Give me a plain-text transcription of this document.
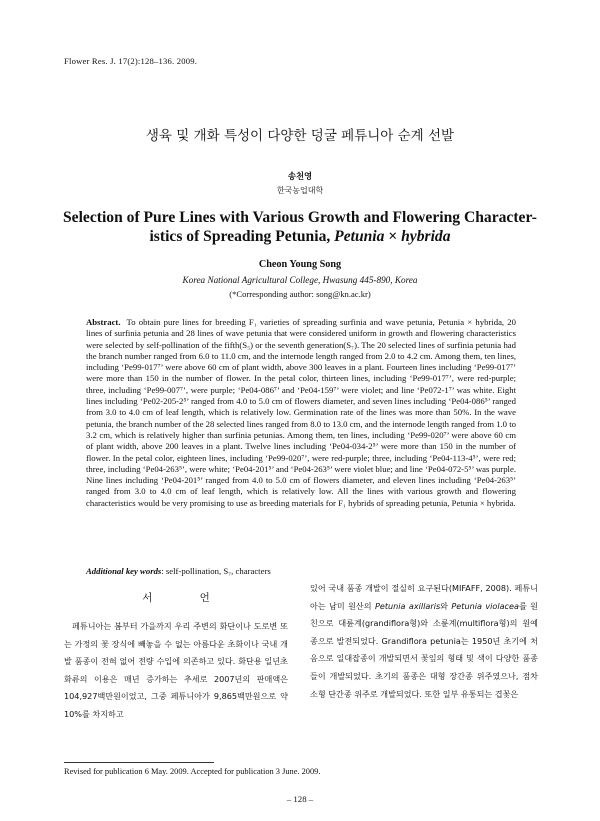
Flower Res. J. 17(2):128–136. 2009.
생육 및 개화 특성이 다양한 덩굴 페튜니아 순계 선발
송천영
한국농업대학
Selection of Pure Lines with Various Growth and Flowering Character-
istics of Spreading Petunia, Petunia × hybrida
Cheon Young Song
Korea National Agricultural College, Hwasung 445-890, Korea
(*Corresponding author: song@kn.ac.kr)
Abstract. To obtain pure lines for breeding F₁ varieties of spreading surfinia and wave petunia, Petunia × hybrida, 20 lines of surfinia petunia and 28 lines of wave petunia that were considered uniform in growth and flowering characteristics were selected by self-pollination of the fifth(S₅) or the seventh generation(S₇). The 20 selected lines of surfinia petunia had the branch number ranged from 6.0 to 11.0 cm, and the internode length ranged from 2.0 to 4.2 cm. Among them, ten lines, including ‘Pe99-017⁷’ were above 60 cm of plant width, above 300 leaves in a plant. Fourteen lines including ‘Pe99-017⁷’ were more than 150 in the number of flower. In the petal color, thirteen lines, including ‘Pe99-017⁷’, were red-purple; three, including ‘Pe99-007⁷’, were purple; ‘Pe04-086⁷’ and ‘Pe04-159⁷’ were violet; and line ‘Pe072-1⁷’ was white. Eight lines including ‘Pe02-205-2⁵’ ranged from 4.0 to 5.0 cm of flowers diameter, and seven lines including ‘Pe04-086⁵’ ranged from 3.0 to 4.0 cm of leaf length, which is relatively low. Germination rate of the lines was more than 50%. In the wave petunia, the branch number of the 28 selected lines ranged from 8.0 to 13.0 cm, and the internode length ranged from 1.0 to 3.2 cm, which is relatively higher than surfinia petunias. Among them, ten lines, including ‘Pe99-020⁷’ were above 60 cm of plant width, above 200 leaves in a plant. Twelve lines including ‘Pe04-034-2⁵’ were more than 150 in the number of flower. In the petal color, eighteen lines, including ‘Pe99-020⁷’, were red-purple; three, including ‘Pe04-113-4⁵’, were red; three, including ‘Pe04-263⁵’, were white; ‘Pe04-201⁵’ and ‘Pe04-263⁵’ were violet blue; and line ‘Pe04-072-5⁵’ was purple. Nine lines including ‘Pe04-201⁵’ ranged from 4.0 to 5.0 cm of flowers diameter, and eleven lines including ‘Pe04-263⁵’ ranged from 3.0 to 4.0 cm of leaf length, which is relatively low. All the lines with various growth and flowering characteristics would be very promising to use as breeding materials for F₁ hybrids of spreading petunia, Petunia × hybrida.
Additional key words: self-pollination, S₇, characters
서 언

페튜니아는 봄부터 가을까지 우리 주변의 화단이나 도로변 또는 가정의 꽃 장식에 빼놓을 수 없는 아름다운 초화이나 국내 개발 품종이 전혀 없어 전량 수입에 의존하고 있다. 화단용 일년초화류의 이용은 매년 증가하는 추세로 2007년의 판매액은 104,927백만원이었고, 그중 페튜니아가 9,865백만원으로 약 10%를 차지하고

있어 국내 품종 개발이 절실히 요구된다(MIFAFF, 2008). 페튜니아는 남미 원산의 Petunia axillaris와 Petunia violacea를 원친으로 대륜계(grandiflora형)와 소륜계(multiflora형)의 원예종으로 발전되었다. Grandiflora petunia는 1950년 초기에 처음으로 일대잡종이 개발되면서 꽃잎의 형태 및 색이 다양한 품종들이 개발되었다. 초기의 품종은 대형 장간종 위주였으나, 점차 소형 단간종 위주로 개발되었다. 또한 일부 유통되는 겹꽃은

Revised for publication 6 May. 2009. Accepted for publication 3 June. 2009.
– 128 –
